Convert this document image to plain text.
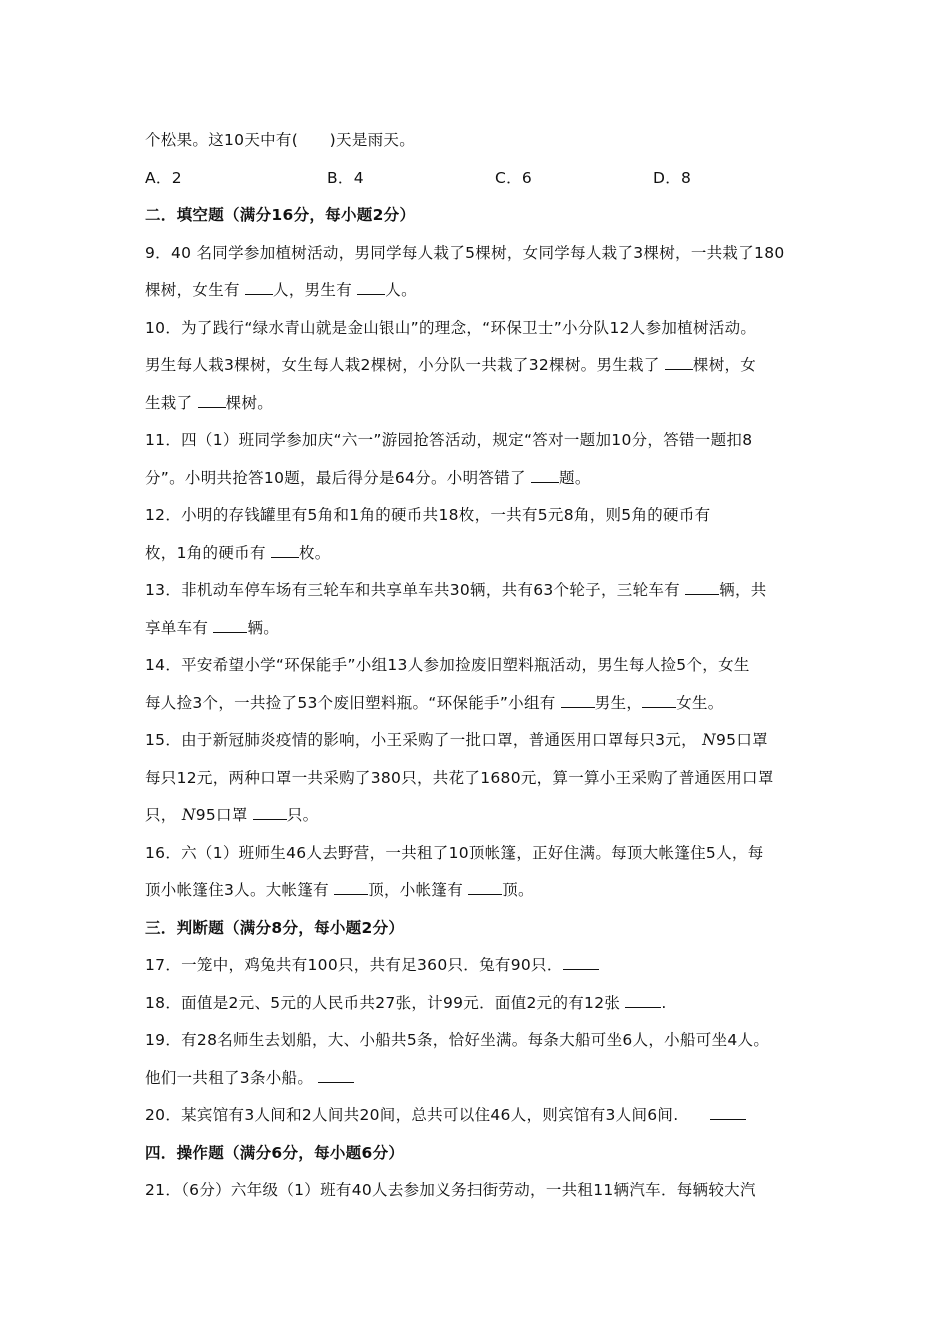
个松果。这10天中有(　　)天是雨天。
A．2	B．4	C．6	D．8
二．填空题（满分16分，每小题2分）
9．40 名同学参加植树活动，男同学每人栽了5棵树，女同学每人栽了3棵树，一共栽了180
棵树，女生有 人，男生有 人。
10．为了践行“绿水青山就是金山银山”的理念，“环保卫士”小分队12人参加植树活动。
男生每人栽3棵树，女生每人栽2棵树，小分队一共栽了32棵树。男生栽了 棵树，女
生栽了 棵树。
11．四（1）班同学参加庆“六一”游园抢答活动，规定“答对一题加10分，答错一题扣8
分”。小明共抢答10题，最后得分是64分。小明答错了 题。
12．小明的存钱罐里有5角和1角的硬币共18枚，一共有5元8角，则5角的硬币有
枚，1角的硬币有 枚。
13．非机动车停车场有三轮车和共享单车共30辆，共有63个轮子，三轮车有 辆，共
享单车有 辆。
14．平安希望小学“环保能手”小组13人参加捡废旧塑料瓶活动，男生每人捡5个，女生
每人捡3个，一共捡了53个废旧塑料瓶。“环保能手”小组有 男生， 女生。
15．由于新冠肺炎疫情的影响，小王采购了一批口罩，普通医用口罩每只3元， N95口罩
每只12元，两种口罩一共采购了380只，共花了1680元，算一算小王采购了普通医用口罩
只， N95口罩 只。
16．六（1）班师生46人去野营，一共租了10顶帐篷，正好住满。每顶大帐篷住5人，每
顶小帐篷住3人。大帐篷有 顶，小帐篷有 顶。
三．判断题（满分8分，每小题2分）
17．一笼中，鸡兔共有100只，共有足360只．兔有90只．
18．面值是2元、5元的人民币共27张，计99元．面值2元的有12张 .
19．有28名师生去划船，大、小船共5条，恰好坐满。每条大船可坐6人，小船可坐4人。
他们一共租了3条小船。
20．某宾馆有3人间和2人间共20间，总共可以住46人，则宾馆有3人间6间.　　
四．操作题（满分6分，每小题6分）
21．（6分）六年级（1）班有40人去参加义务扫街劳动，一共租11辆汽车．每辆较大汽
